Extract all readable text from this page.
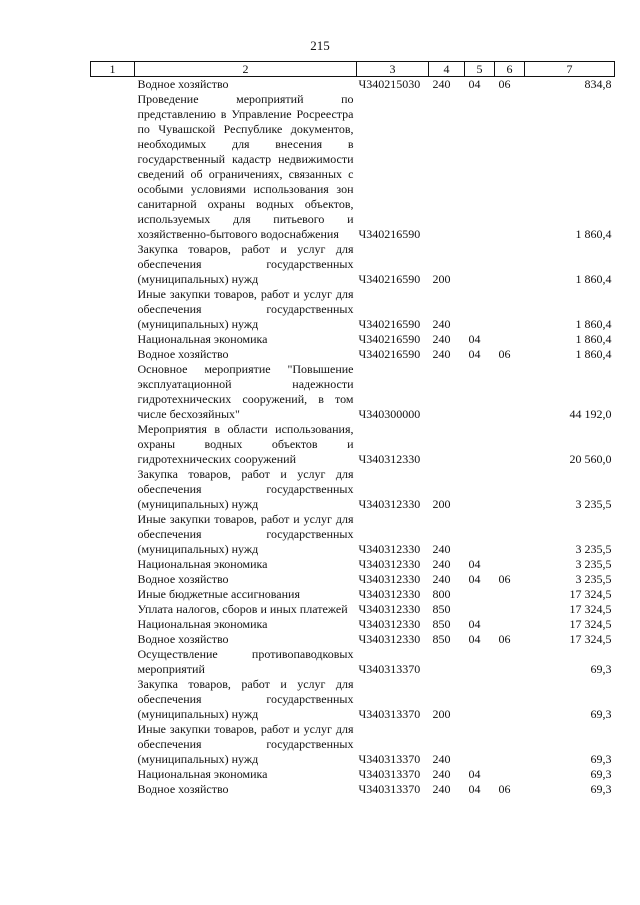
215
1	2	3	4	5	6	7
	Водное хозяйство	Ч340215030	240	04	06	834,8
	Проведение мероприятий по представлению в Управление Росреестра по Чувашской Республике документов, необходимых для внесения в государственный кадастр недвижимости сведений об ограничениях, связанных с особыми условиями использования зон санитарной охраны водных объектов, используемых для питьевого и хозяйственно-бытового водоснабжения	Ч340216590				1 860,4
	Закупка товаров, работ и услуг для обеспечения государственных (муниципальных) нужд	Ч340216590	200			1 860,4
	Иные закупки товаров, работ и услуг для обеспечения государственных (муниципальных) нужд	Ч340216590	240			1 860,4
	Национальная экономика	Ч340216590	240	04		1 860,4
	Водное хозяйство	Ч340216590	240	04	06	1 860,4
	Основное мероприятие "Повышение эксплуатационной надежности гидротехнических сооружений, в том числе бесхозяйных"	Ч340300000				44 192,0
	Мероприятия в области использования, охраны водных объектов и гидротехнических сооружений	Ч340312330				20 560,0
	Закупка товаров, работ и услуг для обеспечения государственных (муниципальных) нужд	Ч340312330	200			3 235,5
	Иные закупки товаров, работ и услуг для обеспечения государственных (муниципальных) нужд	Ч340312330	240			3 235,5
	Национальная экономика	Ч340312330	240	04		3 235,5
	Водное хозяйство	Ч340312330	240	04	06	3 235,5
	Иные бюджетные ассигнования	Ч340312330	800			17 324,5
	Уплата налогов, сборов и иных платежей	Ч340312330	850			17 324,5
	Национальная экономика	Ч340312330	850	04		17 324,5
	Водное хозяйство	Ч340312330	850	04	06	17 324,5
	Осуществление противопаводковых мероприятий	Ч340313370				69,3
	Закупка товаров, работ и услуг для обеспечения государственных (муниципальных) нужд	Ч340313370	200			69,3
	Иные закупки товаров, работ и услуг для обеспечения государственных (муниципальных) нужд	Ч340313370	240			69,3
	Национальная экономика	Ч340313370	240	04		69,3
	Водное хозяйство	Ч340313370	240	04	06	69,3
